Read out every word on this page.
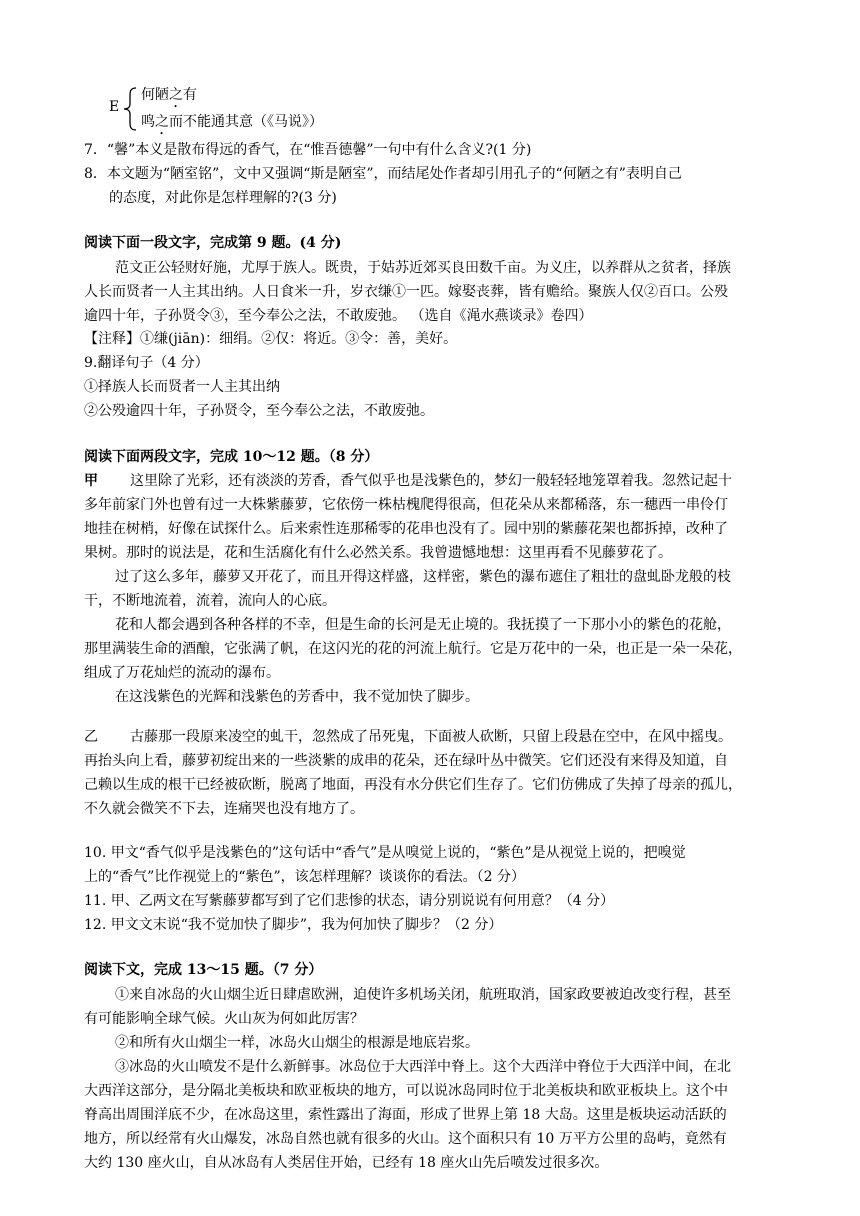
E
何陋之有
鸣之而不能通其意（《马说》）
7．“馨”本义是散布得远的香气，在“惟吾德馨”一句中有什么含义?(1 分)
8．本文题为“陋室铭”，文中又强调“斯是陋室”，而结尾处作者却引用孔子的“何陋之有”表明自己
的态度，对此你是怎样理解的?(3 分)
阅读下面一段文字，完成第 9 题。(4 分)
范文正公轻财好施，尤厚于族人。既贵，于姑苏近郊买良田数千亩。为义庄，以养群从之贫者，择族
人长而贤者一人主其出纳。人日食米一升，岁衣缣①一匹。嫁娶丧葬，皆有赡给。聚族人仅②百口。公殁
逾四十年，子孙贤令③，至今奉公之法，不敢废弛。 （选自《渑水燕谈录》卷四）
【注释】①缣(jiān)：细绢。②仅：将近。③令：善，美好。
9.翻译句子（4 分）
①择族人长而贤者一人主其出纳
②公殁逾四十年，子孙贤令，至今奉公之法，不敢废弛。
阅读下面两段文字，完成 10～12 题。（8 分）
甲 这里除了光彩，还有淡淡的芳香，香气似乎也是浅紫色的，梦幻一般轻轻地笼罩着我。忽然记起十
多年前家门外也曾有过一大株紫藤萝，它依傍一株枯槐爬得很高，但花朵从来都稀落，东一穗西一串伶仃
地挂在树梢，好像在试探什么。后来索性连那稀零的花串也没有了。园中别的紫藤花架也都拆掉，改种了
果树。那时的说法是，花和生活腐化有什么必然关系。我曾遗憾地想：这里再看不见藤萝花了。
过了这么多年，藤萝又开花了，而且开得这样盛，这样密，紫色的瀑布遮住了粗壮的盘虬卧龙般的枝
干，不断地流着，流着，流向人的心底。
花和人都会遇到各种各样的不幸，但是生命的长河是无止境的。我抚摸了一下那小小的紫色的花舱，
那里满装生命的酒酿，它张满了帆，在这闪光的花的河流上航行。它是万花中的一朵，也正是一朵一朵花，
组成了万花灿烂的流动的瀑布。
在这浅紫色的光辉和浅紫色的芳香中，我不觉加快了脚步。
乙 古藤那一段原来凌空的虬干，忽然成了吊死鬼，下面被人砍断，只留上段悬在空中，在风中摇曳。
再抬头向上看，藤萝初绽出来的一些淡紫的成串的花朵，还在绿叶丛中微笑。它们还没有来得及知道，自
己赖以生成的根干已经被砍断，脱离了地面，再没有水分供它们生存了。它们仿佛成了失掉了母亲的孤儿，
不久就会微笑不下去，连痛哭也没有地方了。
10. 甲文“香气似乎是浅紫色的”这句话中“香气”是从嗅觉上说的，“紫色”是从视觉上说的，把嗅觉
上的“香气”比作视觉上的“紫色”，该怎样理解？谈谈你的看法。（2 分）
11. 甲、乙两文在写紫藤萝都写到了它们悲惨的状态，请分别说说有何用意？（4 分）
12. 甲文文末说“我不觉加快了脚步”，我为何加快了脚步？（2 分）
阅读下文，完成 13～15 题。（7 分）
①来自冰岛的火山烟尘近日肆虐欧洲，迫使许多机场关闭，航班取消，国家政要被迫改变行程，甚至
有可能影响全球气候。火山灰为何如此厉害？
②和所有火山烟尘一样，冰岛火山烟尘的根源是地底岩浆。
③冰岛的火山喷发不是什么新鲜事。冰岛位于大西洋中脊上。这个大西洋中脊位于大西洋中间，在北
大西洋这部分，是分隔北美板块和欧亚板块的地方，可以说冰岛同时位于北美板块和欧亚板块上。这个中
脊高出周围洋底不少，在冰岛这里，索性露出了海面，形成了世界上第 18 大岛。这里是板块运动活跃的
地方，所以经常有火山爆发，冰岛自然也就有很多的火山。这个面积只有 10 万平方公里的岛屿，竟然有
大约 130 座火山，自从冰岛有人类居住开始，已经有 18 座火山先后喷发过很多次。
